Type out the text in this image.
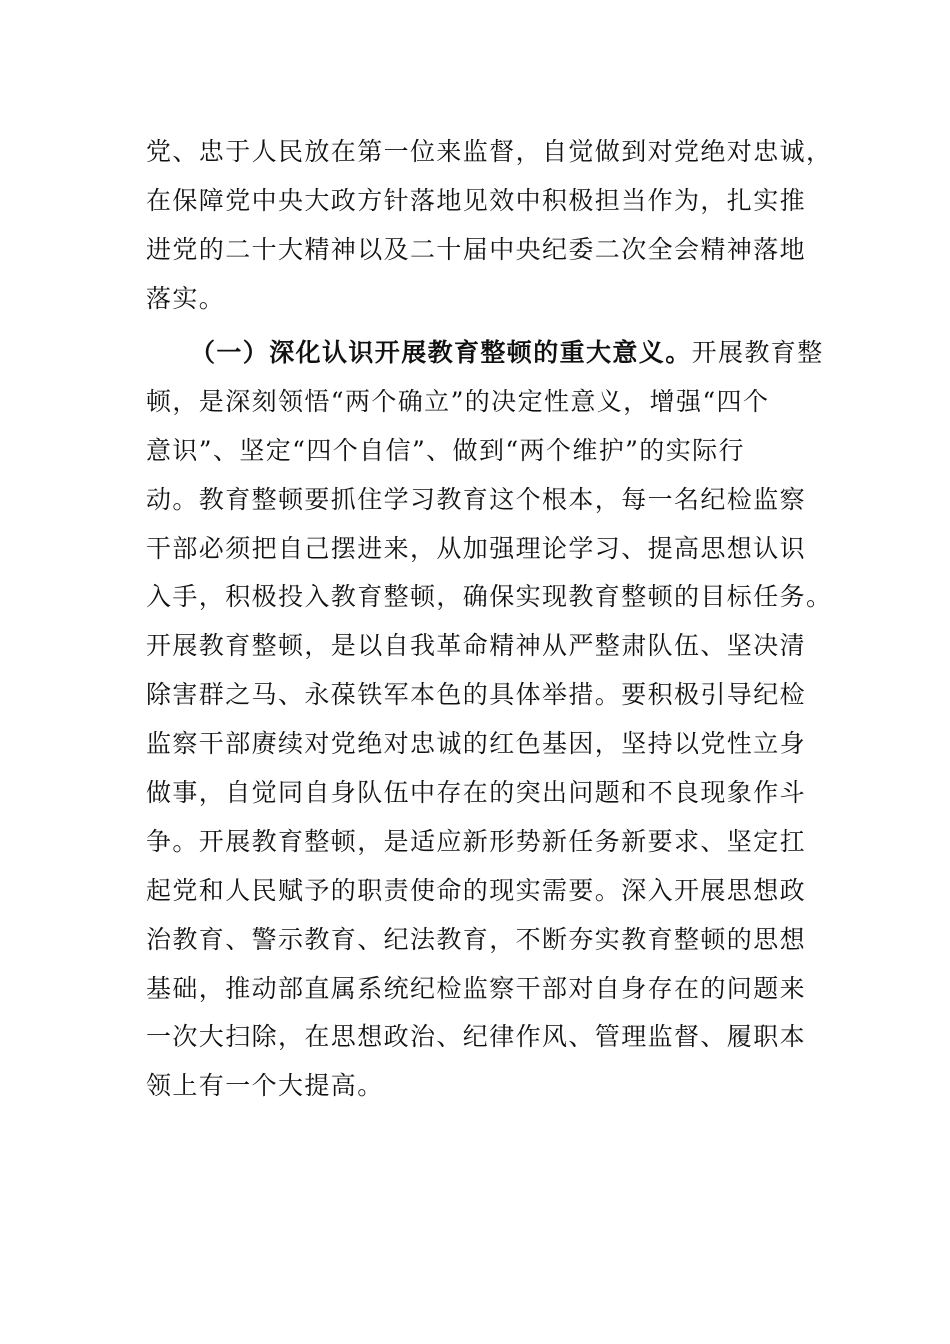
党、忠于人民放在第一位来监督，自觉做到对党绝对忠诚，
在保障党中央大政方针落地见效中积极担当作为，扎实推
进党的二十大精神以及二十届中央纪委二次全会精神落地
落实。
（一）深化认识开展教育整顿的重大意义。开展教育整
顿，是深刻领悟“两个确立”的决定性意义，增强“四个
意识”、坚定“四个自信”、做到“两个维护”的实际行
动。教育整顿要抓住学习教育这个根本，每一名纪检监察
干部必须把自己摆进来，从加强理论学习、提高思想认识
入手，积极投入教育整顿，确保实现教育整顿的目标任务。
开展教育整顿，是以自我革命精神从严整肃队伍、坚决清
除害群之马、永葆铁军本色的具体举措。要积极引导纪检
监察干部赓续对党绝对忠诚的红色基因，坚持以党性立身
做事，自觉同自身队伍中存在的突出问题和不良现象作斗
争。开展教育整顿，是适应新形势新任务新要求、坚定扛
起党和人民赋予的职责使命的现实需要。深入开展思想政
治教育、警示教育、纪法教育，不断夯实教育整顿的思想
基础，推动部直属系统纪检监察干部对自身存在的问题来
一次大扫除，在思想政治、纪律作风、管理监督、履职本
领上有一个大提高。
